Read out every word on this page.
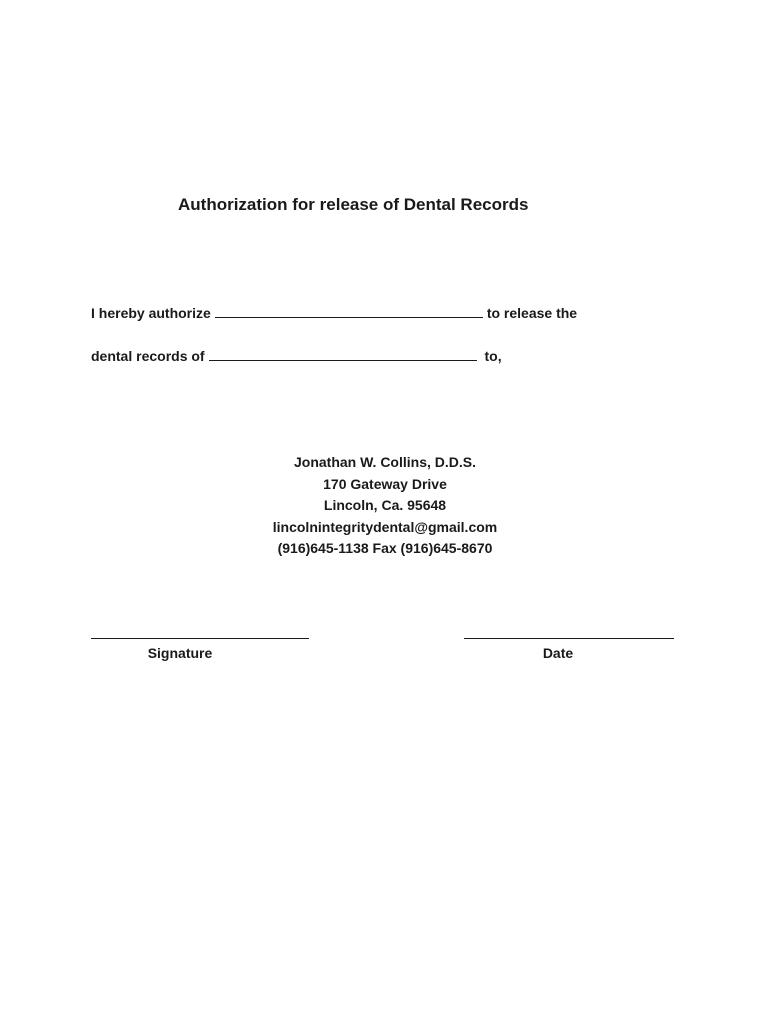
Authorization for release of Dental Records
I hereby authorize	to release the
dental records of	to,
Jonathan W. Collins, D.D.S.
170 Gateway Drive
Lincoln, Ca. 95648
lincolnintegritydental@gmail.com
(916)645-1138 Fax (916)645-8670
Signature	Date
